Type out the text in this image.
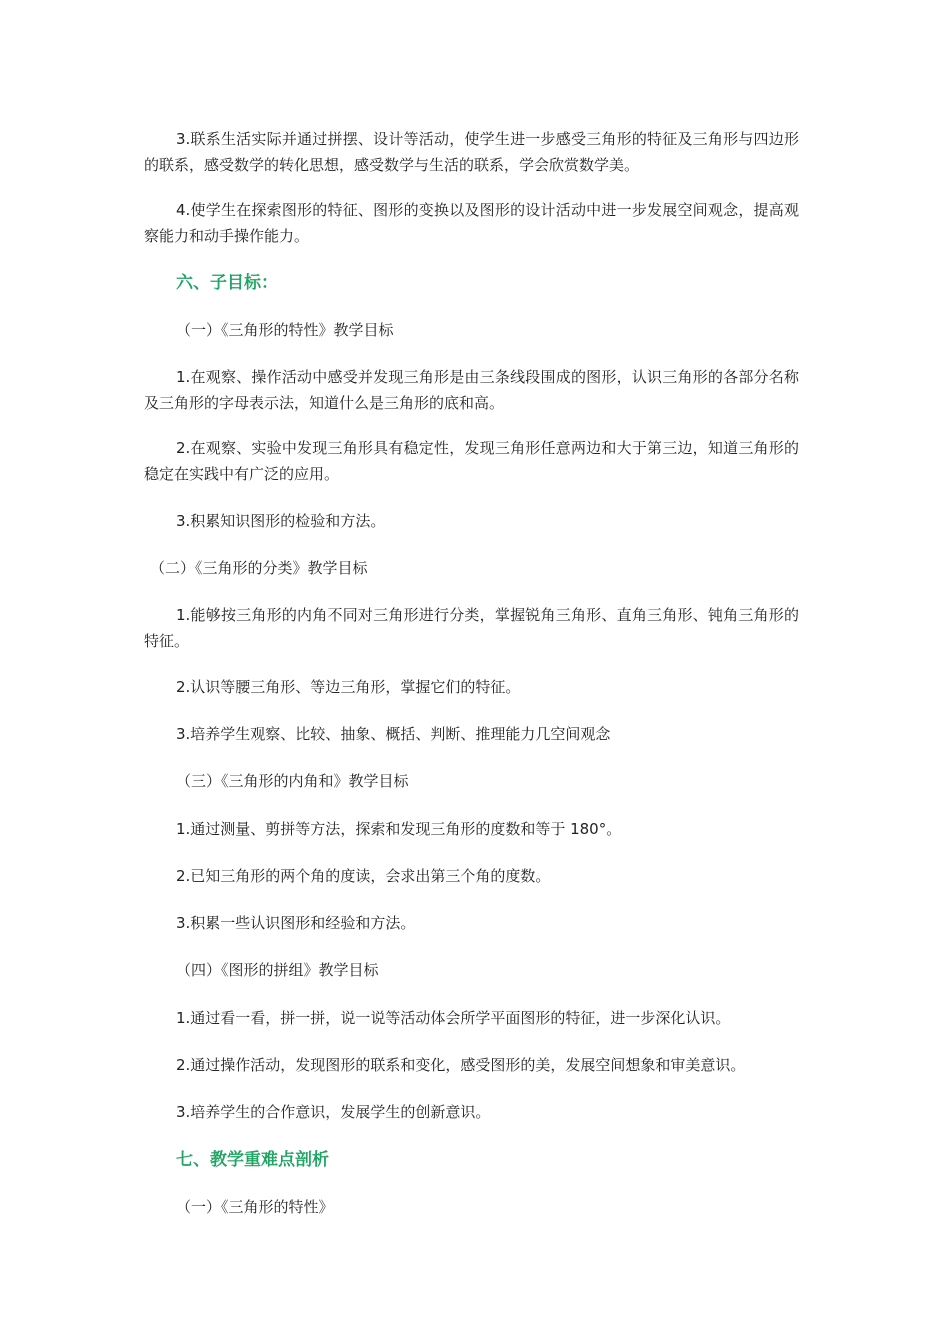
3.联系生活实际并通过拼摆、设计等活动，使学生进一步感受三角形的特征及三角形与四边形的联系，感受数学的转化思想，感受数学与生活的联系，学会欣赏数学美。

4.使学生在探索图形的特征、图形的变换以及图形的设计活动中进一步发展空间观念，提高观察能力和动手操作能力。

六、子目标：

（一）《三角形的特性》教学目标

1.在观察、操作活动中感受并发现三角形是由三条线段围成的图形，认识三角形的各部分名称及三角形的字母表示法，知道什么是三角形的底和高。

2.在观察、实验中发现三角形具有稳定性，发现三角形任意两边和大于第三边，知道三角形的稳定在实践中有广泛的应用。

3.积累知识图形的检验和方法。

（二）《三角形的分类》教学目标

1.能够按三角形的内角不同对三角形进行分类，掌握锐角三角形、直角三角形、钝角三角形的特征。

2.认识等腰三角形、等边三角形，掌握它们的特征。

3.培养学生观察、比较、抽象、概括、判断、推理能力几空间观念

（三）《三角形的内角和》教学目标

1.通过测量、剪拼等方法，探索和发现三角形的度数和等于 180°。

2.已知三角形的两个角的度读，会求出第三个角的度数。

3.积累一些认识图形和经验和方法。

（四）《图形的拼组》教学目标

1.通过看一看，拼一拼，说一说等活动体会所学平面图形的特征，进一步深化认识。

2.通过操作活动，发现图形的联系和变化，感受图形的美，发展空间想象和审美意识。

3.培养学生的合作意识，发展学生的创新意识。

七、教学重难点剖析

（一）《三角形的特性》
